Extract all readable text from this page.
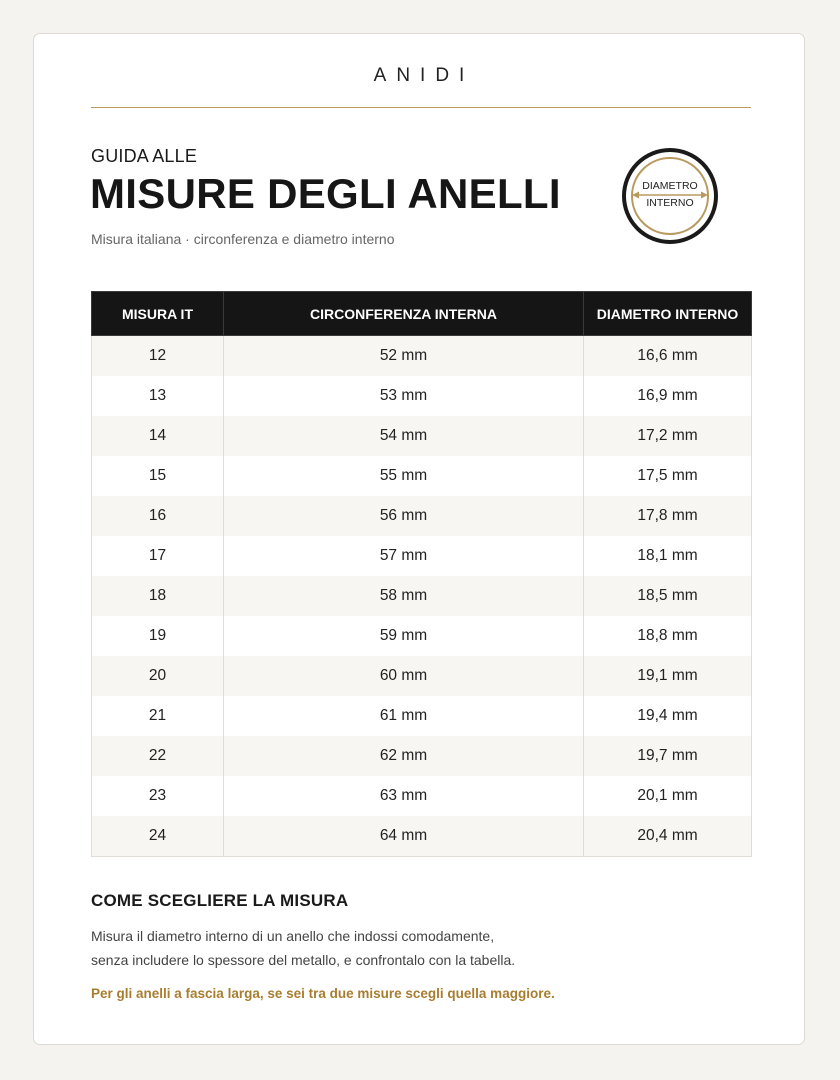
ANIDI
GUIDA ALLE
MISURE DEGLI ANELLI
Misura italiana · circonferenza e diametro interno
DIAMETRO
INTERNO
MISURA IT	CIRCONFERENZA INTERNA	DIAMETRO INTERNO
12	52 mm	16,6 mm
13	53 mm	16,9 mm
14	54 mm	17,2 mm
15	55 mm	17,5 mm
16	56 mm	17,8 mm
17	57 mm	18,1 mm
18	58 mm	18,5 mm
19	59 mm	18,8 mm
20	60 mm	19,1 mm
21	61 mm	19,4 mm
22	62 mm	19,7 mm
23	63 mm	20,1 mm
24	64 mm	20,4 mm
COME SCEGLIERE LA MISURA
Misura il diametro interno di un anello che indossi comodamente,
senza includere lo spessore del metallo, e confrontalo con la tabella.
Per gli anelli a fascia larga, se sei tra due misure scegli quella maggiore.
